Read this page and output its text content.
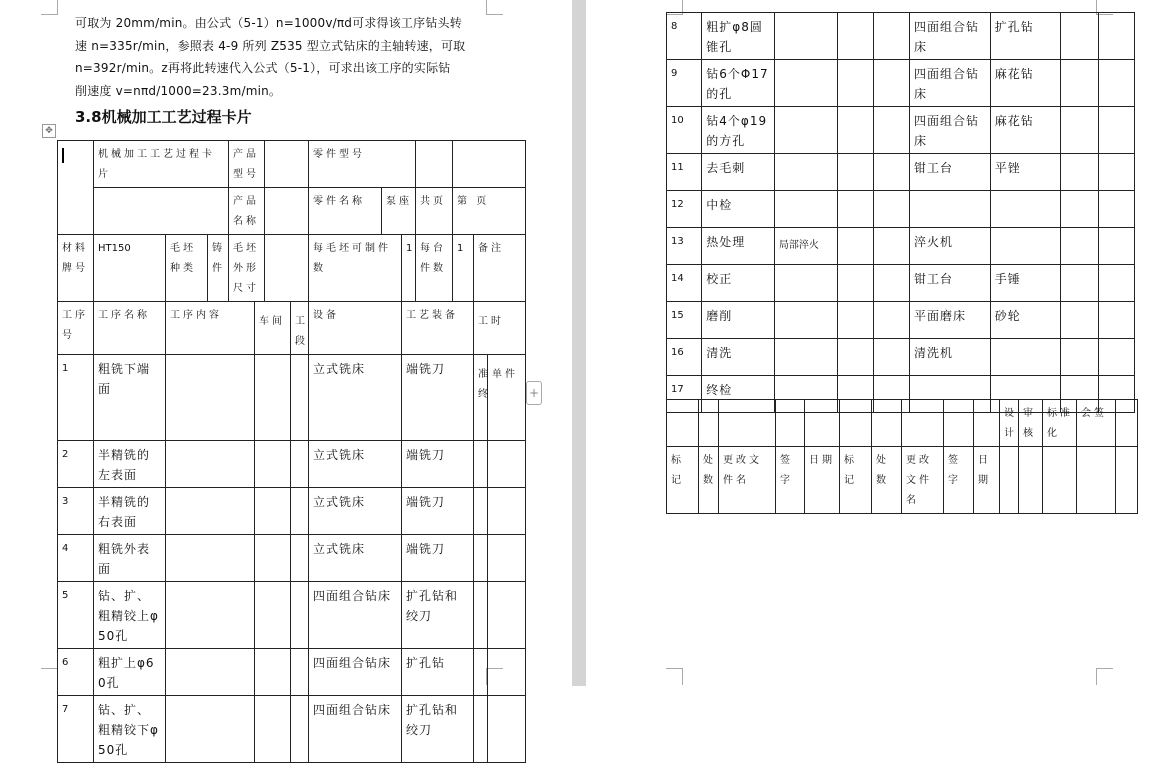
可取为 20mm/min。由公式（5-1）n=1000v/πd可求得该工序钻头转
速 n=335r/min，参照表 4-9 所列 Z535 型立式钻床的主轴转速，可取
n=392r/min。z再将此转速代入公式（5-1），可求出该工序的实际钻
削速度 v=nπd/1000=23.3m/min。
3.8机械加工工艺过程卡片
✥
	机械加工工艺过程卡片			产品型号				零件型号						
				产品名称				零件名称	泵座		共页	第 页		
材料牌号	HT150	毛坯种类	铸件	毛坯外形尺寸				每毛坯可制件数		1	每台件数	1	备注	
工序号	工序名称	工序内容			车间		工段	设备		工艺装备			工时	
1	粗铣下端面							立式铣床		端铣刀			准终	单件
2	半精铣的左表面							立式铣床		端铣刀				
3	半精铣的右表面							立式铣床		端铣刀				
4	粗铣外表面							立式铣床		端铣刀				
5	钻、扩、粗精铰上φ50孔							四面组合钻床		扩孔钻和绞刀				
6	粗扩上φ60孔							四面组合钻床		扩孔钻				
7	钻、扩、粗精铰下φ50孔							四面组合钻床		扩孔钻和绞刀				
+
8	粗扩φ8圆锥孔				四面组合钻床	扩孔钻		
9	钻6个Φ17的孔				四面组合钻床	麻花钻		
10	钻4个φ19的方孔				四面组合钻床	麻花钻		
11	去毛刺				钳工台	平锉		
12	中检							
13	热处理	局部淬火			淬火机			
14	校正				钳工台	手锤		
15	磨削				平面磨床	砂轮		
16	清洗				清洗机			
17	终检							
										设计	审核	标准化	会签	
标记	处数	更改文件名	签字	日期	标记	处数	更改文件名	签字	日期					
